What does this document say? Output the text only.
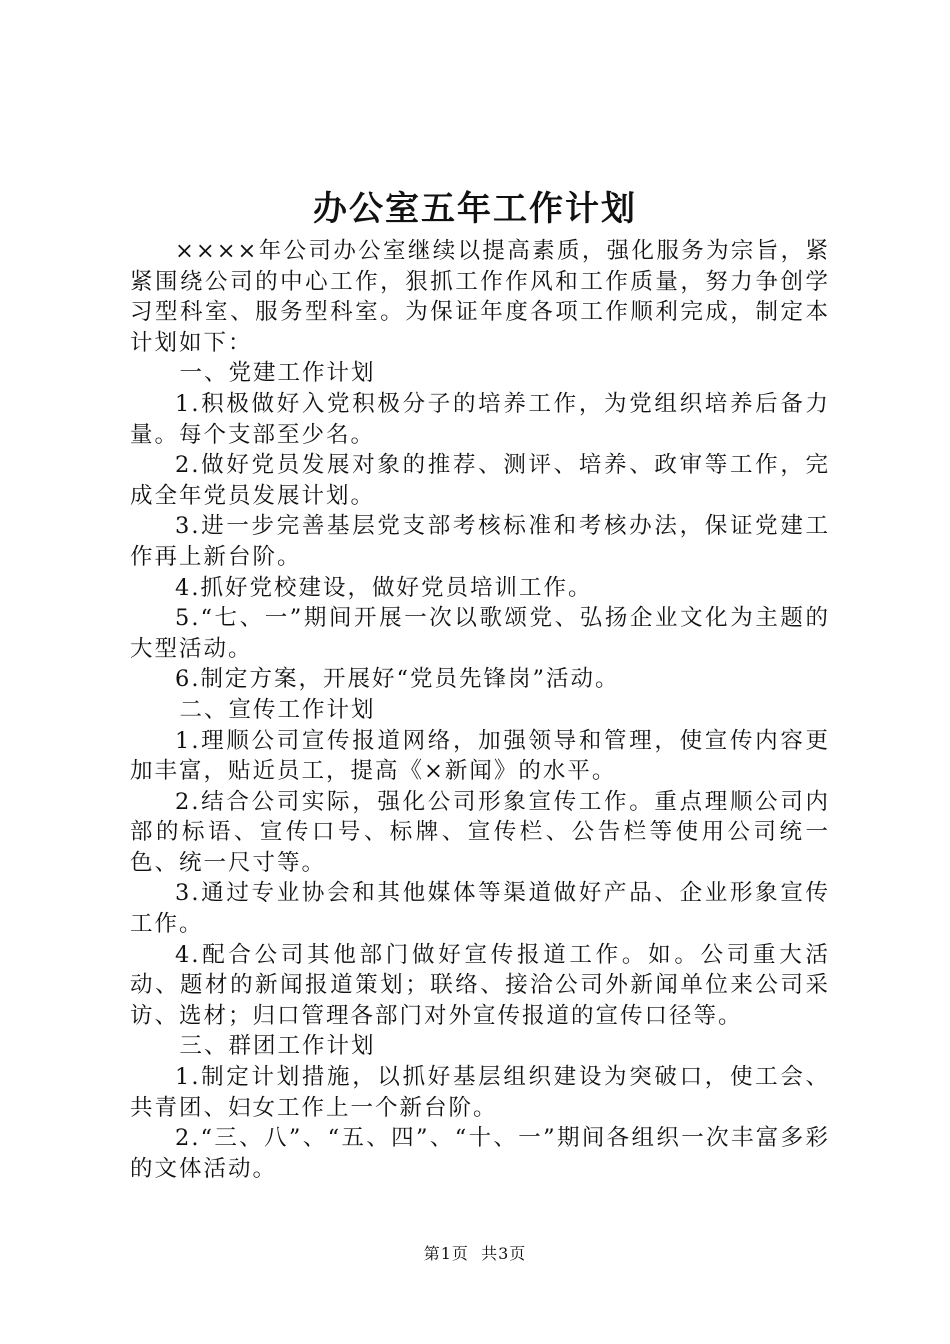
办公室五年工作计划

××××年公司办公室继续以提高素质，强化服务为宗旨，紧紧围绕公司的中心工作，狠抓工作作风和工作质量，努力争创学习型科室、服务型科室。为保证年度各项工作顺利完成，制定本计划如下：

一、党建工作计划

1.积极做好入党积极分子的培养工作，为党组织培养后备力量。每个支部至少名。

2.做好党员发展对象的推荐、测评、培养、政审等工作，完成全年党员发展计划。

3.进一步完善基层党支部考核标准和考核办法，保证党建工作再上新台阶。

4.抓好党校建设，做好党员培训工作。

5.“七、一”期间开展一次以歌颂党、弘扬企业文化为主题的大型活动。

6.制定方案，开展好“党员先锋岗”活动。

二、宣传工作计划

1.理顺公司宣传报道网络，加强领导和管理，使宣传内容更加丰富，贴近员工，提高《×新闻》的水平。

2.结合公司实际，强化公司形象宣传工作。重点理顺公司内部的标语、宣传口号、标牌、宣传栏、公告栏等使用公司统一色、统一尺寸等。

3.通过专业协会和其他媒体等渠道做好产品、企业形象宣传工作。

4.配合公司其他部门做好宣传报道工作。如。公司重大活动、题材的新闻报道策划；联络、接洽公司外新闻单位来公司采访、选材；归口管理各部门对外宣传报道的宣传口径等。

三、群团工作计划

1.制定计划措施，以抓好基层组织建设为突破口，使工会、共青团、妇女工作上一个新台阶。

2.“三、八”、“五、四”、“十、一”期间各组织一次丰富多彩的文体活动。

第1页 共3页
